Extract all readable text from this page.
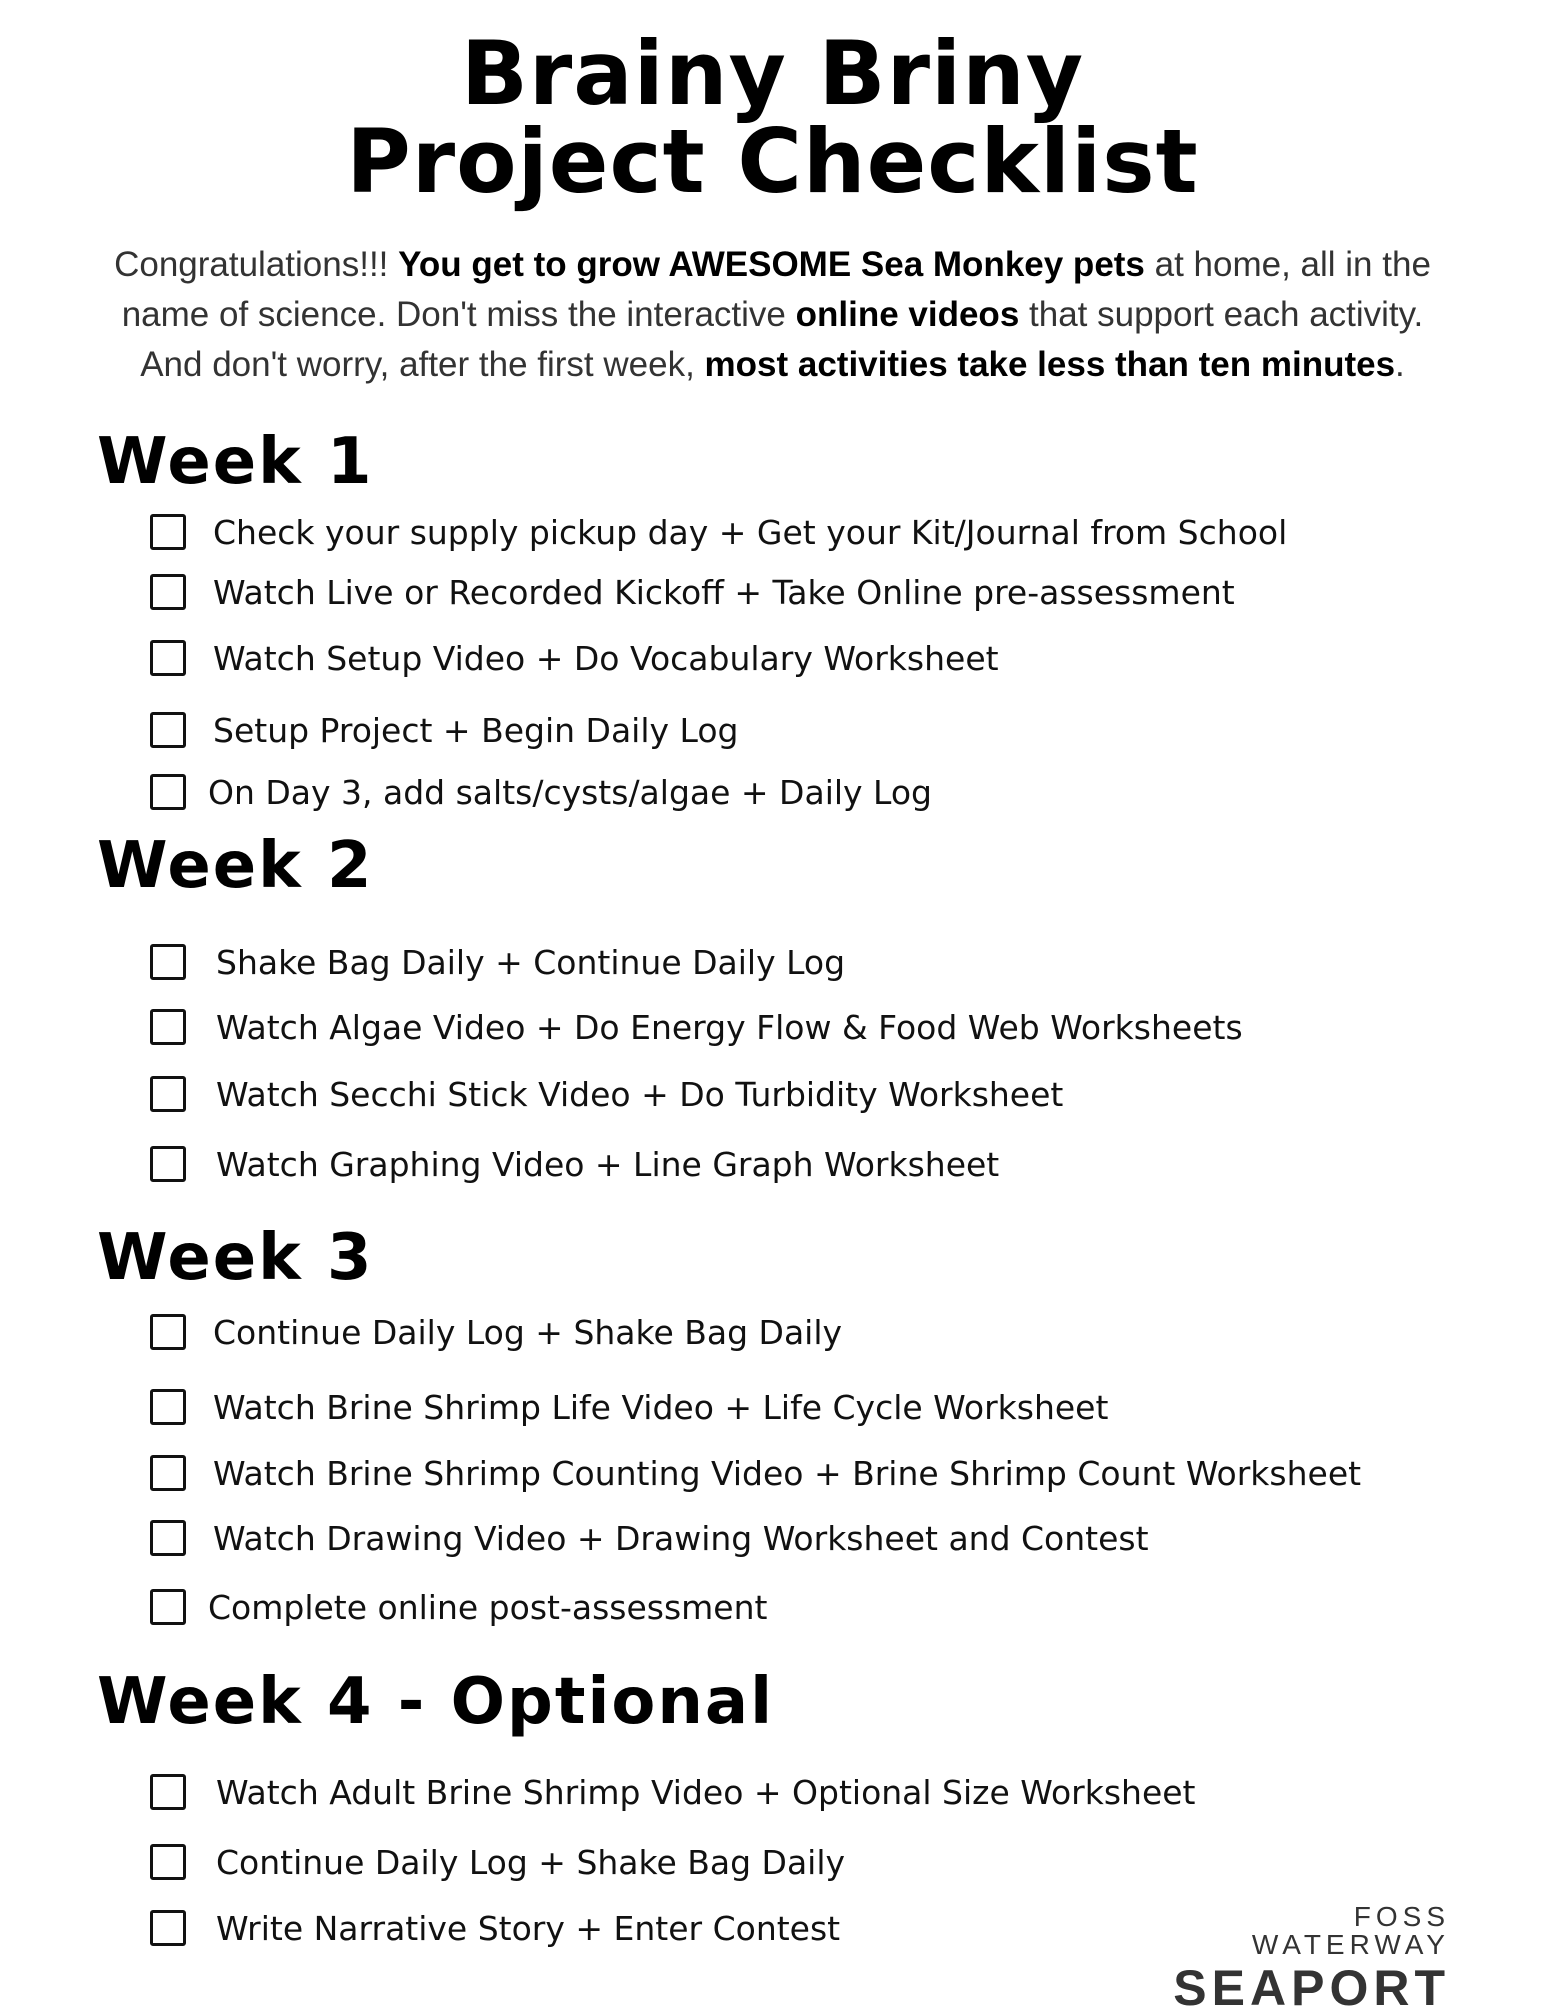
Brainy Briny
Project Checklist
Congratulations!!! You get to grow AWESOME Sea Monkey pets at home, all in the
name of science. Don't miss the interactive online videos that support each activity.
And don't worry, after the first week, most activities take less than ten minutes.
Week 1
Check your supply pickup day + Get your Kit/Journal from School
Watch Live or Recorded Kickoff + Take Online pre-assessment
Watch Setup Video + Do Vocabulary Worksheet
Setup Project + Begin Daily Log
On Day 3, add salts/cysts/algae + Daily Log
Week 2
Shake Bag Daily + Continue Daily Log
Watch Algae Video + Do Energy Flow & Food Web Worksheets
Watch Secchi Stick Video + Do Turbidity Worksheet
Watch Graphing Video + Line Graph Worksheet
Week 3
Continue Daily Log + Shake Bag Daily
Watch Brine Shrimp Life Video + Life Cycle Worksheet
Watch Brine Shrimp Counting Video + Brine Shrimp Count Worksheet
Watch Drawing Video + Drawing Worksheet and Contest
Complete online post-assessment
Week 4 - Optional
Watch Adult Brine Shrimp Video + Optional Size Worksheet
Continue Daily Log + Shake Bag Daily
Write Narrative Story + Enter Contest	FOSS WATERWAY
SEAPORT
